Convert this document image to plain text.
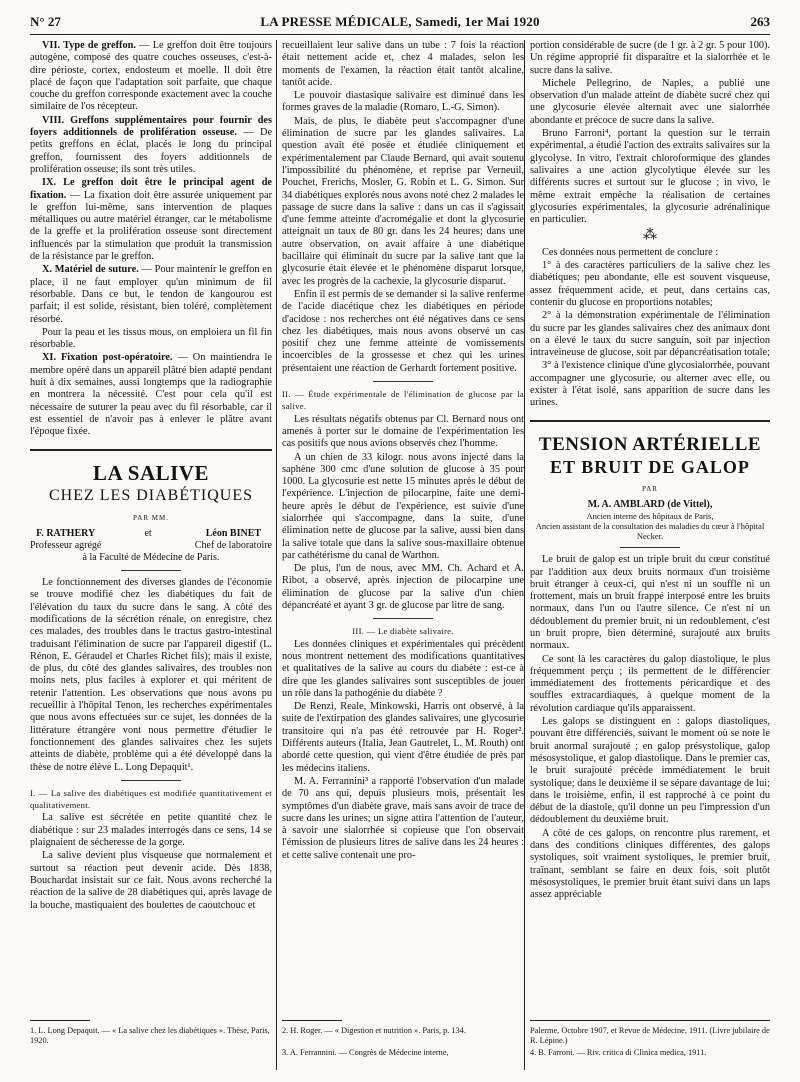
N° 27	LA PRESSE MÉDICALE, Samedi, 1er Mai 1920	263

VII. Type de greffon. — Le greffon doit être toujours autogène, composé des quatre couches osseuses, c'est-à-dire périoste, cortex, endosteum et moelle. Il doit être placé de façon que l'adaptation soit parfaite, que chaque couche du greffon corresponde exactement avec la couche similaire de l'os récepteur.

VIII. Greffons supplémentaires pour fournir des foyers additionnels de prolifération osseuse. — De petits greffons en éclat, placés le long du principal greffon, fournissent des foyers additionnels de prolifération osseuse; ils sont très utiles.

IX. Le greffon doit être le principal agent de fixation. — La fixation doit être assurée uniquement par le greffon lui-même, sans intervention de plaques métalliques ou autre matériel étranger, car le métabolisme de la greffe et la prolifération osseuse sont directement influencés par la stimulation que produit la transmission de la résistance par le greffon.

X. Matériel de suture. — Pour maintenir le greffon en place, il ne faut employer qu'un minimum de fil résorbable. Dans ce but, le tendon de kangourou est parfait; il est solide, résistant, bien toléré, complètement résorbé.

Pour la peau et les tissus mous, on emploiera un fil fin résorbable.

XI. Fixation post-opératoire. — On maintiendra le membre opéré dans un appareil plâtré bien adapté pendant huit à dix semaines, aussi longtemps que la radiographie en montrera la nécessité. C'est pour cela qu'il est nécessaire de suturer la peau avec du fil résorbable, car il est essentiel de n'avoir pas à enlever le plâtre avant l'époque fixée.

LA SALIVE
CHEZ LES DIABÉTIQUES
PAR MM.
F. RATHERY
Professeur agrégé
et	Léon BINET
Chef de laboratoire
à la Faculté de Médecine de Paris.

Le fonctionnement des diverses glandes de l'économie se trouve modifié chez les diabétiques du fait de l'élévation du taux du sucre dans le sang. A côté des modifications de la sécrétion rénale, on enregistre, chez ces malades, des troubles dans le tractus gastro-intestinal traduisant l'élimination de sucre par l'appareil digestif (L. Rénon, E. Géraudel et Charles Richet fils); mais il existe, de plus, du côté des glandes salivaires, des troubles non moins nets, plus faciles à explorer et qui méritent de retenir l'attention. Les observations que nous avons pu recueillir à l'hôpital Tenon, les recherches expérimentales que nous avons effectuées sur ce sujet, les données de la littérature étrangère vont nous permettre d'étudier le fonctionnement des glandes salivaires chez les sujets atteints de diabète, problème qui a été développé dans la thèse de notre élève L. Long Depaquit¹.

I. — La salive des diabétiques est modifiée quantitativement et qualitativement.

La salive est sécrétée en petite quantité chez le diabétique : sur 23 malades interrogés dans ce sens, 14 se plaignaient de sécheresse de la gorge.

La salive devient plus visqueuse que normalement et surtout sa réaction peut devenir acide. Dès 1838, Bouchardat insistait sur ce fait. Nous avons recherché la réaction de la salive de 28 diabétiques qui, après lavage de la bouche, mastiquaient des boulettes de caoutchouc et

1. L. Long Depaquit. — « La salive chez les diabétiques ». Thèse, Paris, 1920.

recueillaient leur salive dans un tube : 7 fois la réaction était nettement acide et, chez 4 malades, selon les moments de l'examen, la réaction était tantôt alcaline, tantôt acide.

Le pouvoir diastasique salivaire est diminué dans les formes graves de la maladie (Romaro, L.-G. Simon).

Mais, de plus, le diabète peut s'accompagner d'une élimination de sucre par les glandes salivaires. La question avait été posée et étudiée cliniquement et expérimentalement par Claude Bernard, qui avait soutenu l'impossibilité du phénomène, et reprise par Verneuil, Pouchet, Frerichs, Mosler, G. Robin et L. G. Simon. Sur 34 diabétiques explorés nous avons noté chez 2 malades le passage de sucre dans la salive : dans un cas il s'agissait d'une femme atteinte d'acromégalie et dont la glycosurie atteignait un taux de 80 gr. dans les 24 heures; dans une autre observation, on avait affaire à une diabétique bacillaire qui éliminait du sucre par la salive tant que la glycosurie était élevée et le phénomène disparut lorsque, avec les progrès de la cachexie, la glycosurie disparut.

Enfin il est permis de se demander si la salive renferme de l'acide diacétique chez les diabétiques en période d'acidose : nos recherches ont été négatives dans ce sens chez les diabétiques, mais nous avons observé un cas positif chez une femme atteinte de vomissements incoercibles de la grossesse et chez qui les urines présentaient une réaction de Gerhardt fortement positive.

II. — Étude expérimentale de l'élimination de glucose par la salive.

Les résultats négatifs obtenus par Cl. Bernard nous ont amenés à porter sur le domaine de l'expérimentation les cas positifs que nous avions observés chez l'homme.

A un chien de 33 kilogr. nous avons injecté dans la saphène 300 cmc d'une solution de glucose à 35 pour 1000. La glycosurie est nette 15 minutes après le début de l'expérience. L'injection de pilocarpine, faite une demi-heure après le début de l'expérience, est suivie d'une sialorrhée qui s'accompagne, dans la suite, d'une élimination nette de glucose par la salive, aussi bien dans la salive totale que dans la salive sous-maxillaire obtenue par cathétérisme du canal de Warthon.

De plus, l'un de nous, avec MM. Ch. Achard et A. Ribot, a observé, après injection de pilocarpine une élimination de glucose par la salive d'un chien dépancréaté et ayant 3 gr. de glucose par litre de sang.

III. — Le diabète salivaire.

Les données cliniques et expérimentales qui précèdent nous montrent nettement des modifications quantitatives et qualitatives de la salive au cours du diabète : est-ce à dire que les glandes salivaires sont susceptibles de jouer un rôle dans la pathogénie du diabète ?

De Renzi, Reale, Minkowski, Harris ont observé, à la suite de l'extirpation des glandes salivaires, une glycosurie transitoire qui n'a pas été retrouvée par H. Roger². Différents auteurs (Italia, Jean Gautrelet, L. M. Routh) ont abordé cette question, qui vient d'être étudiée de près par les médecins italiens.

M. A. Ferrannini³ a rapporté l'observation d'un malade de 70 ans qui, depuis plusieurs mois, présentait les symptômes d'un diabète grave, mais sans avoir de trace de sucre dans les urines; un signe attira l'attention de l'auteur, à savoir une sialorrhée si copieuse que l'on observait l'émission de plusieurs litres de salive dans les 24 heures : et cette salive contenait une pro-

2. H. Roger. — « Digestion et nutrition ». Paris, p. 134.
3. A. Ferrannini. — Congrès de Médecine interne,

portion considérable de sucre (de 1 gr. à 2 gr. 5 pour 100). Un régime approprié fit disparaître et la sialorrhée et le sucre dans la salive.

Michele Pellegrino, de Naples, a publié une observation d'un malade atteint de diabète sucré chez qui une glycosurie élevée alternait avec une sialorrhée abondante et précoce de sucre dans la salive.

Bruno Farroni⁴, portant la question sur le terrain expérimental, a étudié l'action des extraits salivaires sur la glycolyse. In vitro, l'extrait chloroformique des glandes salivaires a une action glycolytique élevée sur les différents sucres et surtout sur le glucose ; in vivo, le même extrait empêche la réalisation de certaines glycosuries expérimentales, la glycosurie adrénalinique en particulier.

⁂

Ces données nous permettent de conclure :

1° à des caractères particuliers de la salive chez les diabétiques; peu abondante, elle est souvent visqueuse, assez fréquemment acide, et peut, dans certains cas, contenir du glucose en proportions notables;

2° à la démonstration expérimentale de l'élimination du sucre par les glandes salivaires chez des animaux dont on a élevé le taux du sucre sanguin, soit par injection intraveineuse de glucose, soit par dépancréatisation totale;

3° à l'existence clinique d'une glycosialorrhée, pouvant accompagner une glycosurie, ou alterner avec elle, ou exister à l'état isolé, sans apparition de sucre dans les urines.

TENSION ARTÉRIELLE
ET BRUIT DE GALOP
PAR
M. A. AMBLARD (de Vittel),
Ancien interne des hôpitaux de Paris,
Ancien assistant de la consultation des maladies du cœur à l'hôpital Necker.

Le bruit de galop est un triple bruit du cœur constitué par l'addition aux deux bruits normaux d'un troisième bruit étranger à ceux-ci, qui n'est ni un souffle ni un frottement, mais un bruit frappé interposé entre les bruits normaux, dans l'un ou l'autre silence. Ce n'est ni un dédoublement du premier bruit, ni un redoublement, c'est un bruit propre, bien déterminé, surajouté aux bruits normaux.

Ce sont là les caractères du galop diastolique, le plus fréquemment perçu ; ils permettent de le différencier immédiatement des frottements péricardique et des souffles extracardiaques, à quelque moment de la révolution cardiaque qu'ils apparaissent.

Les galops se distinguent en : galops diastoliques, pouvant être différenciés, suivant le moment où se note le bruit anormal surajouté ; en galop présystolique, galop mésosystolique, et galop diastolique. Dans le premier cas, le bruit surajouté précède immédiatement le bruit systolique; dans le deuxième il se sépare davantage de lui; dans le troisième, enfin, il est rapproché à ce point du début de la diastole, qu'il donne un peu l'impression d'un dédoublement du deuxième bruit.

A côté de ces galops, on rencontre plus rarement, et dans des conditions cliniques différentes, des galops systoliques, soit vraiment systoliques, le premier bruit, traînant, semblant se faire en deux fois, soit plutôt mésosystoliques, le premier bruit étant suivi dans un laps assez appréciable

Palerme, Octobre 1907, et Revue de Médecine, 1911. (Livre jubilaire de R. Lépine.)
4. B. Farroni. — Riv. critica di Clinica medica, 1911.
